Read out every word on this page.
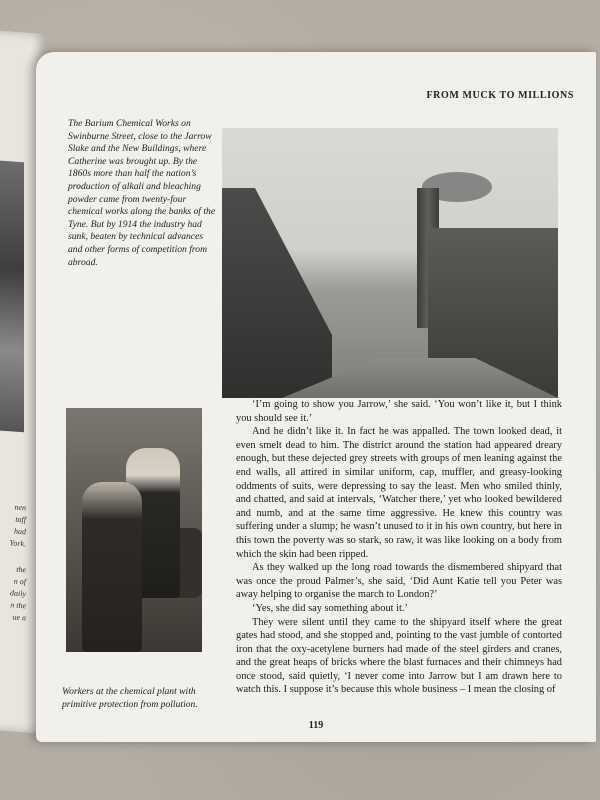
nen
taff
had
York.
the
n of
daily
n the
ue a
FROM MUCK TO MILLIONS
The Barium Chemical Works on Swinburne Street, close to the Jarrow Slake and the New Buildings, where Catherine was brought up. By the 1860s more than half the nation’s production of alkali and bleaching powder came from twenty-four chemical works along the banks of the Tyne. But by 1914 the industry had sunk, beaten by technical advances and other forms of competition from abroad.
Workers at the chemical plant with primitive protection from pollution.

‘I’m going to show you Jarrow,’ she said. ‘You won’t like it, but I think you should see it.’

And he didn’t like it. In fact he was appalled. The town looked dead, it even smelt dead to him. The district around the station had appeared dreary enough, but these dejected grey streets with groups of men leaning against the end walls, all attired in similar uniform, cap, muffler, and greasy-looking oddments of suits, were depressing to say the least. Men who smiled thinly, and chatted, and said at intervals, ‘Watcher there,’ yet who looked bewildered and numb, and at the same time aggressive. He knew this country was suffering under a slump; he wasn’t unused to it in his own country, but here in this town the poverty was so stark, so raw, it was like looking on a body from which the skin had been ripped.

As they walked up the long road towards the dismembered shipyard that was once the proud Palmer’s, she said, ‘Did Aunt Katie tell you Peter was away helping to organise the march to London?’

‘Yes, she did say something about it.’

They were silent until they came to the shipyard itself where the great gates had stood, and she stopped and, pointing to the vast jumble of contorted iron that the oxy-acetylene burners had made of the steel girders and cranes, and the great heaps of bricks where the blast furnaces and their chimneys had once stood, said quietly, ‘I never come into Jarrow but I am drawn here to watch this. I suppose it’s because this whole business – I mean the closing of

119
